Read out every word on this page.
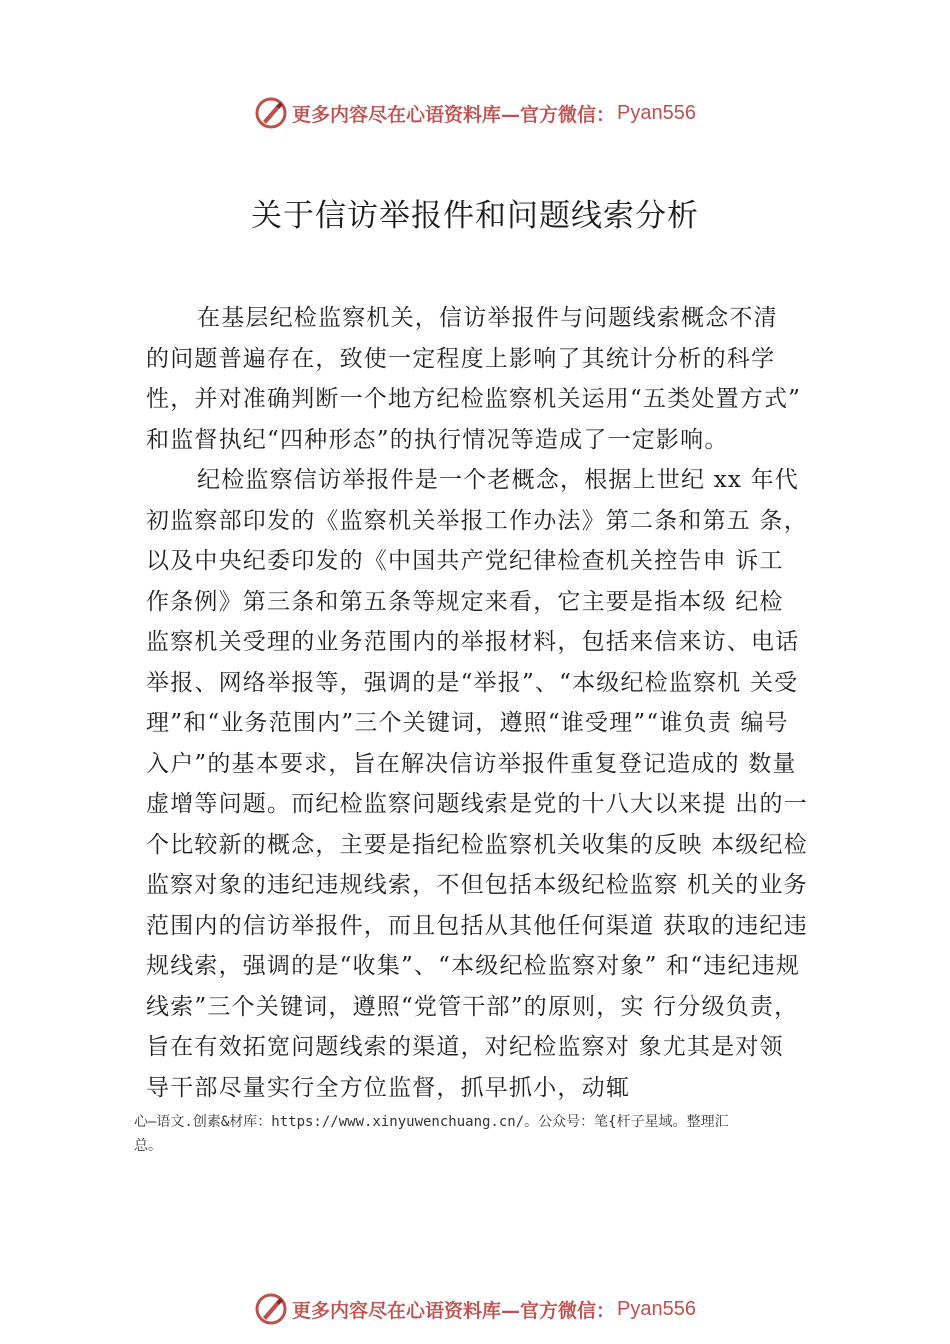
更多内容尽在心语资料库—官方微信： Pyan556
关于信访举报件和问题线索分析
在基层纪检监察机关，信访举报件与问题线索概念不清
的问题普遍存在，致使一定程度上影响了其统计分析的科学
性，并对准确判断一个地方纪检监察机关运用“五类处置方式”
和监督执纪“四种形态”的执行情况等造成了一定影响。
纪检监察信访举报件是一个老概念，根据上世纪 xx 年代
初监察部印发的《监察机关举报工作办法》第二条和第五 条，
以及中央纪委印发的《中国共产党纪律检查机关控告申 诉工
作条例》第三条和第五条等规定来看，它主要是指本级 纪检
监察机关受理的业务范围内的举报材料，包括来信来访、电话
举报、网络举报等，强调的是“举报”、“本级纪检监察机 关受
理”和“业务范围内”三个关键词，遵照“谁受理”“谁负责 编号
入户”的基本要求，旨在解决信访举报件重复登记造成的 数量
虚增等问题。而纪检监察问题线索是党的十八大以来提 出的一
个比较新的概念，主要是指纪检监察机关收集的反映 本级纪检
监察对象的违纪违规线索，不但包括本级纪检监察 机关的业务
范围内的信访举报件，而且包括从其他任何渠道 获取的违纪违
规线索，强调的是“收集”、“本级纪检监察对象” 和“违纪违规
线索”三个关键词，遵照“党管干部”的原则，实 行分级负责，
旨在有效拓宽问题线索的渠道，对纪检监察对 象尤其是对领
导干部尽量实行全方位监督，抓早抓小，动辄
心—语文.创素&材库：https://www.xinyuwenchuang.cn/。公众号：笔{杆子星域。整理汇
总。
更多内容尽在心语资料库—官方微信： Pyan556
